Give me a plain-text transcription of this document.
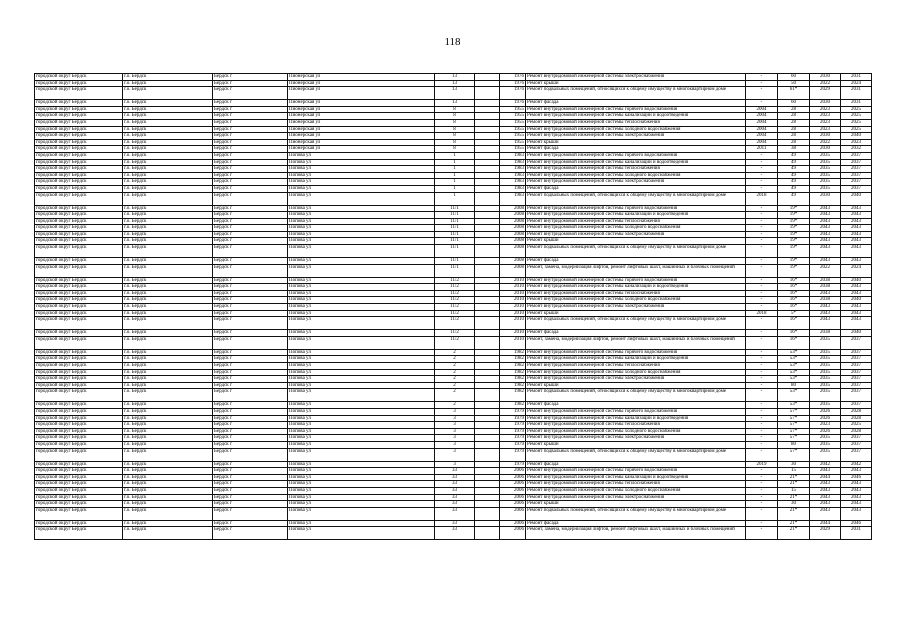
118
городской округ Бердск	г.о. Бердск	Бердск г	Пионерская ул	13		1976	Ремонт внутридомовой инженерной системы электроснабжения	-	60	2030	2031
городской округ Бердск	г.о. Бердск	Бердск г	Пионерская ул	13		1976	Ремонт крыши	-	50	2022	2024
городской округ Бердск	г.о. Бердск	Бердск г	Пионерская ул	13		1976	Ремонт подвальных помещений, относящихся к общему имуществу в многоквартирном доме	-	61*	2029	2031
городской округ Бердск	г.о. Бердск	Бердск г	Пионерская ул	13		1976	Ремонт фасада	-	60	2030	2031
городской округ Бердск	г.о. Бердск	Бердск г	Пионерская ул	8		1955	Ремонт внутридомовой инженерной системы горячего водоснабжения	2004	28	2023	2025
городской округ Бердск	г.о. Бердск	Бердск г	Пионерская ул	8		1955	Ремонт внутридомовой инженерной системы канализации и водоотведения	2004	28	2023	2025
городской округ Бердск	г.о. Бердск	Бердск г	Пионерская ул	8		1955	Ремонт внутридомовой инженерной системы теплоснабжения	2004	28	2023	2025
городской округ Бердск	г.о. Бердск	Бердск г	Пионерская ул	8		1955	Ремонт внутридомовой инженерной системы холодного водоснабжения	2004	28	2023	2025
городской округ Бердск	г.о. Бердск	Бердск г	Пионерская ул	8		1955	Ремонт внутридомовой инженерной системы электроснабжения	2004	28	2030	2040
городской округ Бердск	г.о. Бердск	Бердск г	Пионерская ул	8		1955	Ремонт крыши	2004	28	2022	2023
городской округ Бердск	г.о. Бердск	Бердск г	Пионерская ул	8		1955	Ремонт фасада	2011	38	2030	2032
городской округ Бердск	г.о. Бердск	Бердск г	Попова ул	1		1983	Ремонт внутридомовой инженерной системы горячего водоснабжения	-	49	2035	2037
городской округ Бердск	г.о. Бердск	Бердск г	Попова ул	1		1983	Ремонт внутридомовой инженерной системы канализации и водоотведения	-	49	2035	2037
городской округ Бердск	г.о. Бердск	Бердск г	Попова ул	1		1983	Ремонт внутридомовой инженерной системы теплоснабжения	-	49	2035	2037
городской округ Бердск	г.о. Бердск	Бердск г	Попова ул	1		1983	Ремонт внутридомовой инженерной системы холодного водоснабжения	-	49	2035	2037
городской округ Бердск	г.о. Бердск	Бердск г	Попова ул	1		1983	Ремонт внутридомовой инженерной системы электроснабжения	-	49	2035	2037
городской округ Бердск	г.о. Бердск	Бердск г	Попова ул	1		1983	Ремонт фасада	-	49	2035	2037
городской округ Бердск	г.о. Бердск	Бердск г	Попова ул	1		1983	Ремонт подвальных помещений, относящихся к общему имуществу в многоквартирном доме	2018	49	2030	2040
городской округ Бердск	г.о. Бердск	Бердск г	Попова ул	11/1		2008	Ремонт внутридомовой инженерной системы горячего водоснабжения	-	19*	2043	2043
городской округ Бердск	г.о. Бердск	Бердск г	Попова ул	11/1		2008	Ремонт внутридомовой инженерной системы канализации и водоотведения	-	19*	2043	2043
городской округ Бердск	г.о. Бердск	Бердск г	Попова ул	11/1		2008	Ремонт внутридомовой инженерной системы теплоснабжения	-	19*	2043	2043
городской округ Бердск	г.о. Бердск	Бердск г	Попова ул	11/1		2008	Ремонт внутридомовой инженерной системы холодного водоснабжения	-	19*	2043	2043
городской округ Бердск	г.о. Бердск	Бердск г	Попова ул	11/1		2008	Ремонт внутридомовой инженерной системы электроснабжения	-	19*	2043	2043
городской округ Бердск	г.о. Бердск	Бердск г	Попова ул	11/1		2008	Ремонт крыши	-	19*	2043	2043
городской округ Бердск	г.о. Бердск	Бердск г	Попова ул	11/1		2008	Ремонт подвальных помещений, относящихся к общему имуществу в многоквартирном доме	-	19*	2043	2043
городской округ Бердск	г.о. Бердск	Бердск г	Попова ул	11/1		2008	Ремонт фасада	-	19*	2043	2043
городской округ Бердск	г.о. Бердск	Бердск г	Попова ул	11/1		2008	Ремонт, замена, модернизация лифтов, ремонт лифтовых шахт, машинных и блочных помещений	-	19*	2022	2024
городской округ Бердск	г.о. Бердск	Бердск г	Попова ул	11/2		2010	Ремонт внутридомовой инженерной системы горячего водоснабжения	-	16*	2038	2040
городской округ Бердск	г.о. Бердск	Бердск г	Попова ул	11/2		2010	Ремонт внутридомовой инженерной системы канализации и водоотведения	-	16*	2038	2043
городской округ Бердск	г.о. Бердск	Бердск г	Попова ул	11/2		2010	Ремонт внутридомовой инженерной системы теплоснабжения	-	16*	2043	2043
городской округ Бердск	г.о. Бердск	Бердск г	Попова ул	11/2		2010	Ремонт внутридомовой инженерной системы холодного водоснабжения	-	16*	2038	2040
городской округ Бердск	г.о. Бердск	Бердск г	Попова ул	11/2		2010	Ремонт внутридомовой инженерной системы электроснабжения	-	16*	2043	2043
городской округ Бердск	г.о. Бердск	Бердск г	Попова ул	11/2		2010	Ремонт крыши	2018	5*	2043	2043
городской округ Бердск	г.о. Бердск	Бердск г	Попова ул	11/2		2010	Ремонт подвальных помещений, относящихся к общему имуществу в многоквартирном доме	-	16*	2043	2043
городской округ Бердск	г.о. Бердск	Бердск г	Попова ул	11/2		2010	Ремонт фасада	-	16*	2038	2040
городской округ Бердск	г.о. Бердск	Бердск г	Попова ул	11/2		2010	Ремонт, замена, модернизация лифтов, ремонт лифтовых шахт, машинных и блочных помещений	-	16*	2035	2037
городской округ Бердск	г.о. Бердск	Бердск г	Попова ул	2		1982	Ремонт внутридомовой инженерной системы горячего водоснабжения	-	53*	2035	2037
городской округ Бердск	г.о. Бердск	Бердск г	Попова ул	2		1982	Ремонт внутридомовой инженерной системы канализации и водоотведения	-	53*	2035	2037
городской округ Бердск	г.о. Бердск	Бердск г	Попова ул	2		1982	Ремонт внутридомовой инженерной системы теплоснабжения	-	53*	2035	2037
городской округ Бердск	г.о. Бердск	Бердск г	Попова ул	2		1982	Ремонт внутридомовой инженерной системы холодного водоснабжения	-	53*	2035	2037
городской округ Бердск	г.о. Бердск	Бердск г	Попова ул	2		1982	Ремонт внутридомовой инженерной системы электроснабжения	-	53*	2035	2037
городской округ Бердск	г.о. Бердск	Бердск г	Попова ул	2		1982	Ремонт крыши	-	80	2035	2037
городской округ Бердск	г.о. Бердск	Бердск г	Попова ул	2		1982	Ремонт подвальных помещений, относящихся к общему имуществу в многоквартирном доме	-	53*	2035	2037
городской округ Бердск	г.о. Бердск	Бердск г	Попова ул	2		1982	Ремонт фасада	-	53*	2035	2037
городской округ Бердск	г.о. Бердск	Бердск г	Попова ул	3		1979	Ремонт внутридомовой инженерной системы горячего водоснабжения	-	57*	2026	2028
городской округ Бердск	г.о. Бердск	Бердск г	Попова ул	3		1979	Ремонт внутридомовой инженерной системы канализации и водоотведения	-	57*	2026	2028
городской округ Бердск	г.о. Бердск	Бердск г	Попова ул	3		1979	Ремонт внутридомовой инженерной системы теплоснабжения	-	57*	2023	2025
городской округ Бердск	г.о. Бердск	Бердск г	Попова ул	3		1979	Ремонт внутридомовой инженерной системы холодного водоснабжения	-	57*	2026	2028
городской округ Бердск	г.о. Бердск	Бердск г	Попова ул	3		1979	Ремонт внутридомовой инженерной системы электроснабжения	-	57*	2035	2037
городской округ Бердск	г.о. Бердск	Бердск г	Попова ул	3		1979	Ремонт крыши	-	80	2035	2037
городской округ Бердск	г.о. Бердск	Бердск г	Попова ул	3		1979	Ремонт подвальных помещений, относящихся к общему имуществу в многоквартирном доме	-	57*	2035	2037
городской округ Бердск	г.о. Бердск	Бердск г	Попова ул	3		1979	Ремонт фасада	2019	30	2042	2042
городской округ Бердск	г.о. Бердск	Бердск г	Попова ул	33		2006	Ремонт внутридомовой инженерной системы горячего водоснабжения	-	15	2043	2043
городской округ Бердск	г.о. Бердск	Бердск г	Попова ул	33		2006	Ремонт внутридомовой инженерной системы канализации и водоотведения	-	21*	2044	2046
городской округ Бердск	г.о. Бердск	Бердск г	Попова ул	33		2006	Ремонт внутридомовой инженерной системы теплоснабжения	-	21*	2043	2043
городской округ Бердск	г.о. Бердск	Бердск г	Попова ул	33		2006	Ремонт внутридомовой инженерной системы холодного водоснабжения	-	15	2043	2043
городской округ Бердск	г.о. Бердск	Бердск г	Попова ул	33		2006	Ремонт внутридомовой инженерной системы электроснабжения	-	21*	2043	2043
городской округ Бердск	г.о. Бердск	Бердск г	Попова ул	33		2006	Ремонт крыши	-	30	2043	2043
городской округ Бердск	г.о. Бердск	Бердск г	Попова ул	33		2006	Ремонт подвальных помещений, относящихся к общему имуществу в многоквартирном доме	-	21*	2043	2043
городской округ Бердск	г.о. Бердск	Бердск г	Попова ул	33		2006	Ремонт фасада	-	21*	2044	2046
городской округ Бердск	г.о. Бердск	Бердск г	Попова ул	33		2006	Ремонт, замена, модернизация лифтов, ремонт лифтовых шахт, машинных и блочных помещений	-	21*	2029	2031
